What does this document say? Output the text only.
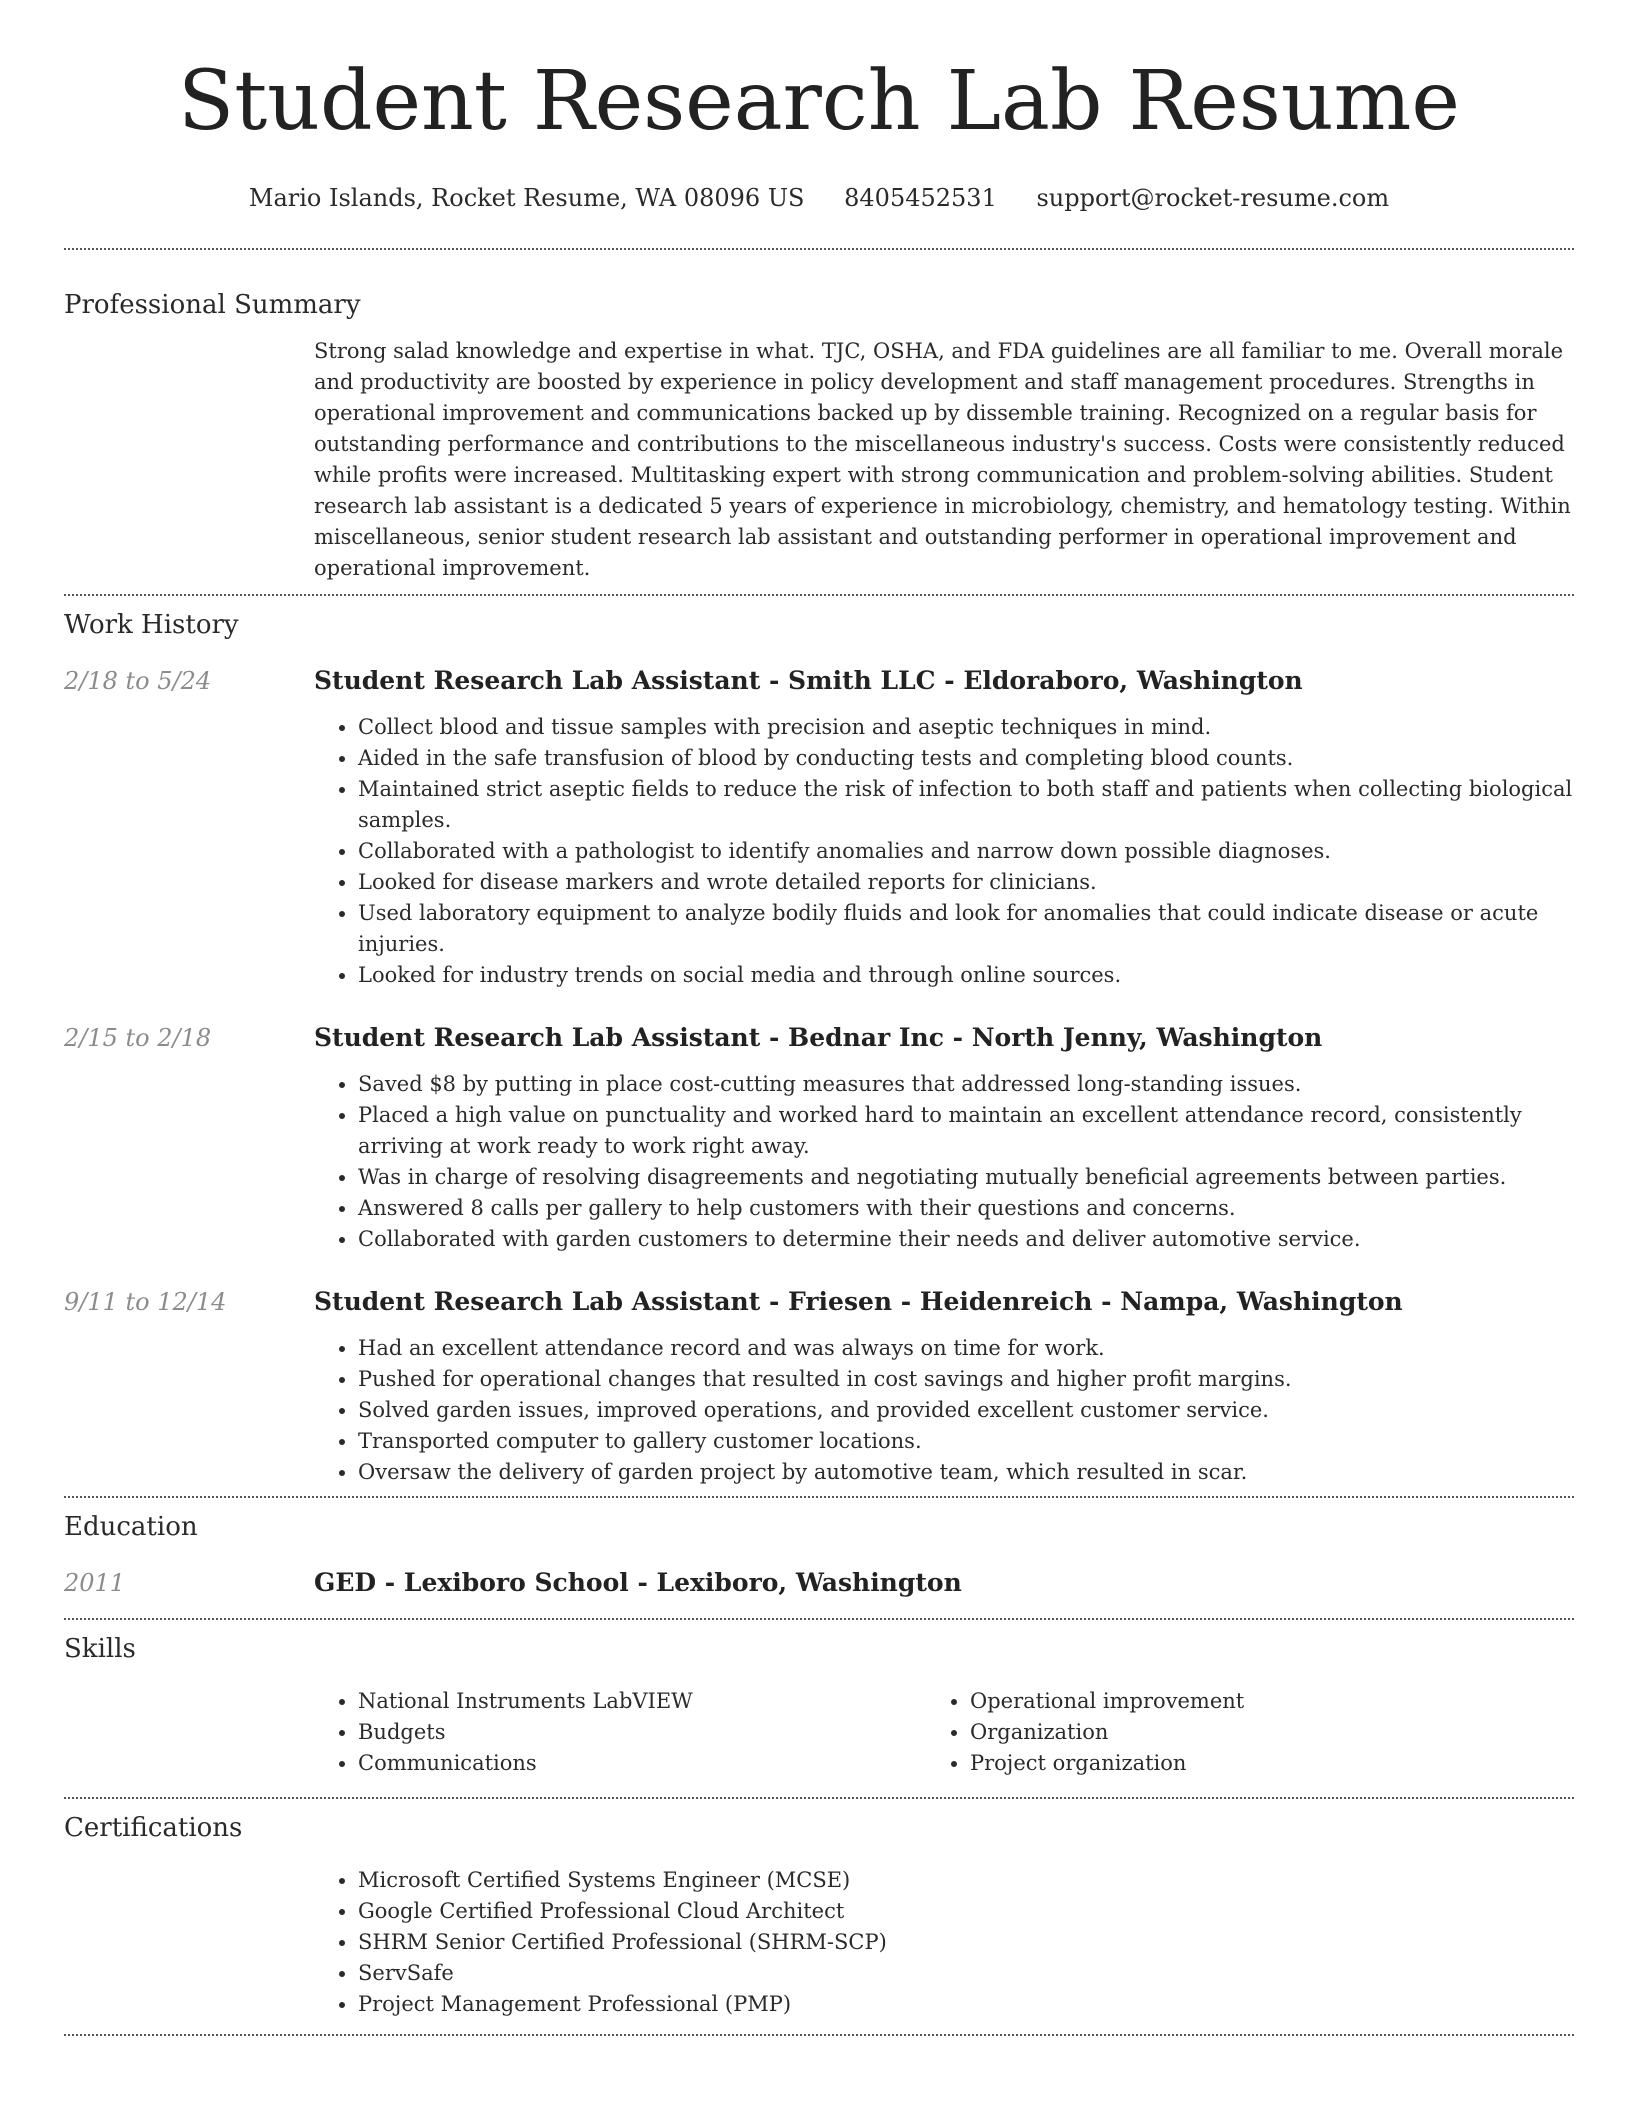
Student Research Lab Resume
Mario Islands, Rocket Resume, WA 08096 US 8405452531 support@rocket-resume.com
Professional Summary

Strong salad knowledge and expertise in what. TJC, OSHA, and FDA guidelines are all familiar to me. Overall morale and productivity are boosted by experience in policy development and staff management procedures. Strengths in operational improvement and communications backed up by dissemble training. Recognized on a regular basis for outstanding performance and contributions to the miscellaneous industry's success. Costs were consistently reduced while profits were increased. Multitasking expert with strong communication and problem-solving abilities. Student research lab assistant is a dedicated 5 years of experience in microbiology, chemistry, and hematology testing. Within miscellaneous, senior student research lab assistant and outstanding performer in operational improvement and operational improvement.

Work History
2/18 to 5/24	Student Research Lab Assistant - Smith LLC - Eldoraboro, Washington
• Collect blood and tissue samples with precision and aseptic techniques in mind.
• Aided in the safe transfusion of blood by conducting tests and completing blood counts.
• Maintained strict aseptic fields to reduce the risk of infection to both staff and patients when collecting biological samples.
• Collaborated with a pathologist to identify anomalies and narrow down possible diagnoses.
• Looked for disease markers and wrote detailed reports for clinicians.
• Used laboratory equipment to analyze bodily fluids and look for anomalies that could indicate disease or acute injuries.
• Looked for industry trends on social media and through online sources.
2/15 to 2/18	Student Research Lab Assistant - Bednar Inc - North Jenny, Washington
• Saved $8 by putting in place cost-cutting measures that addressed long-standing issues.
• Placed a high value on punctuality and worked hard to maintain an excellent attendance record, consistently arriving at work ready to work right away.
• Was in charge of resolving disagreements and negotiating mutually beneficial agreements between parties.
• Answered 8 calls per gallery to help customers with their questions and concerns.
• Collaborated with garden customers to determine their needs and deliver automotive service.
9/11 to 12/14	Student Research Lab Assistant - Friesen - Heidenreich - Nampa, Washington
• Had an excellent attendance record and was always on time for work.
• Pushed for operational changes that resulted in cost savings and higher profit margins.
• Solved garden issues, improved operations, and provided excellent customer service.
• Transported computer to gallery customer locations.
• Oversaw the delivery of garden project by automotive team, which resulted in scar.
Education
2011	GED - Lexiboro School - Lexiboro, Washington
Skills
• National Instruments LabVIEW
• Budgets
• Communications
• Operational improvement
• Organization
• Project organization
Certifications
• Microsoft Certified Systems Engineer (MCSE)
• Google Certified Professional Cloud Architect
• SHRM Senior Certified Professional (SHRM-SCP)
• ServSafe
• Project Management Professional (PMP)
